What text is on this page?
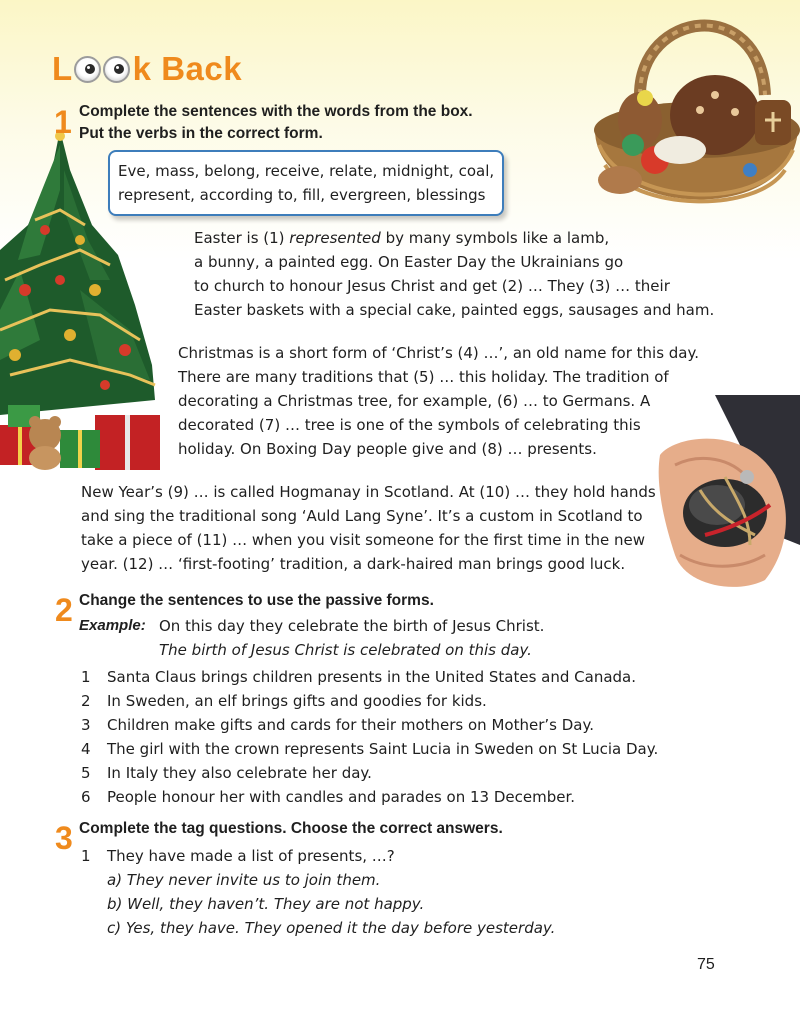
L k Back
1 Complete the sentences with the words from the box.
Put the verbs in the correct form.
Eve, mass, belong, receive, relate, midnight, coal,
represent, according to, fill, evergreen, blessings

Easter is (1) represented by many symbols like a lamb,

a bunny, a painted egg. On Easter Day the Ukrainians go

to church to honour Jesus Christ and get (2) … They (3) … their

Easter baskets with a special cake, painted eggs, sausages and ham.

Christmas is a short form of ‘Christ’s (4) …’, an old name for this day.

There are many traditions that (5) … this holiday. The tradition of

decorating a Christmas tree, for example, (6) … to Germans. A

decorated (7) … tree is one of the symbols of celebrating this

holiday. On Boxing Day people give and (8) … presents.

New Year’s (9) … is called Hogmanay in Scotland. At (10) … they hold hands

and sing the traditional song ‘Auld Lang Syne’. It’s a custom in Scotland to

take a piece of (11) … when you visit someone for the first time in the new

year. (12) … ‘first-footing’ tradition, a dark-haired man brings good luck.

2 Change the sentences to use the passive forms.
Example: On this day they celebrate the birth of Jesus Christ.
The birth of Jesus Christ is celebrated on this day.
1	Santa Claus brings children presents in the United States and Canada.
2	In Sweden, an elf brings gifts and goodies for kids.
3	Children make gifts and cards for their mothers on Mother’s Day.
4	The girl with the crown represents Saint Lucia in Sweden on St Lucia Day.
5	In Italy they also celebrate her day.
6	People honour her with candles and parades on 13 December.
3 Complete the tag questions. Choose the correct answers.
1	They have made a list of presents, …?
a) They never invite us to join them.
b) Well, they haven’t. They are not happy.
c) Yes, they have. They opened it the day before yesterday.
75
